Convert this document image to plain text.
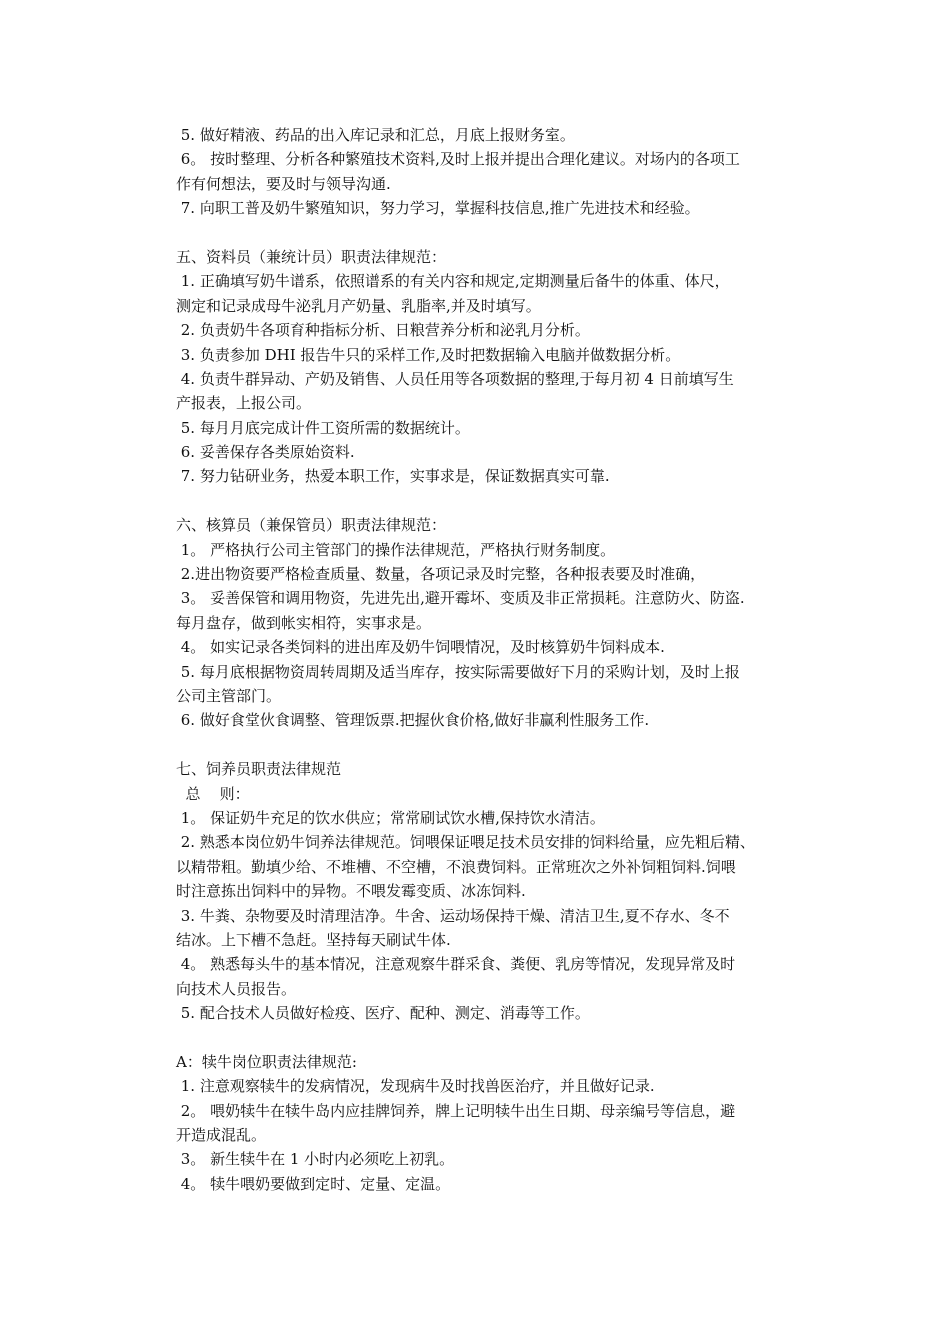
5. 做好精液、药品的出入库记录和汇总，月底上报财务室。
6。 按时整理、分析各种繁殖技术资料,及时上报并提出合理化建议。对场内的各项工
作有何想法，要及时与领导沟通.
7. 向职工普及奶牛繁殖知识，努力学习，掌握科技信息,推广先进技术和经验。
五、资料员（兼统计员）职责法律规范：
1. 正确填写奶牛谱系，依照谱系的有关内容和规定,定期测量后备牛的体重、体尺，
测定和记录成母牛泌乳月产奶量、乳脂率,并及时填写。
2. 负责奶牛各项育种指标分析、日粮营养分析和泌乳月分析。
3. 负责参加 DHI 报告牛只的采样工作,及时把数据输入电脑并做数据分析。
4. 负责牛群异动、产奶及销售、人员任用等各项数据的整理,于每月初 4 日前填写生
产报表，上报公司。
5. 每月月底完成计件工资所需的数据统计。
6. 妥善保存各类原始资料.
7. 努力钻研业务，热爱本职工作，实事求是，保证数据真实可靠.
六、核算员（兼保管员）职责法律规范：
1。 严格执行公司主管部门的操作法律规范，严格执行财务制度。
2.进出物资要严格检查质量、数量，各项记录及时完整，各种报表要及时准确，
3。 妥善保管和调用物资，先进先出,避开霉坏、变质及非正常损耗。注意防火、防盗.
每月盘存，做到帐实相符，实事求是。
4。 如实记录各类饲料的进出库及奶牛饲喂情况，及时核算奶牛饲料成本.
5. 每月底根据物资周转周期及适当库存，按实际需要做好下月的采购计划，及时上报
公司主管部门。
6. 做好食堂伙食调整、管理饭票.把握伙食价格,做好非赢利性服务工作.
七、饲养员职责法律规范
总    则：
1。 保证奶牛充足的饮水供应；常常刷试饮水槽,保持饮水清洁。
2. 熟悉本岗位奶牛饲养法律规范。饲喂保证喂足技术员安排的饲料给量，应先粗后精、
以精带粗。勤填少给、不堆槽、不空槽，不浪费饲料。正常班次之外补饲粗饲料.饲喂
时注意拣出饲料中的异物。不喂发霉变质、冰冻饲料.
3. 牛粪、杂物要及时清理洁净。牛舍、运动场保持干燥、清洁卫生,夏不存水、冬不
结冰。上下槽不急赶。坚持每天刷试牛体.
4。 熟悉每头牛的基本情况，注意观察牛群采食、粪便、乳房等情况，发现异常及时
向技术人员报告。
5. 配合技术人员做好检疫、医疗、配种、测定、消毒等工作。
A：犊牛岗位职责法律规范:
1. 注意观察犊牛的发病情况，发现病牛及时找兽医治疗，并且做好记录.
2。 喂奶犊牛在犊牛岛内应挂牌饲养，牌上记明犊牛出生日期、母亲编号等信息，避
开造成混乱。
3。 新生犊牛在 1 小时内必须吃上初乳。
4。 犊牛喂奶要做到定时、定量、定温。
